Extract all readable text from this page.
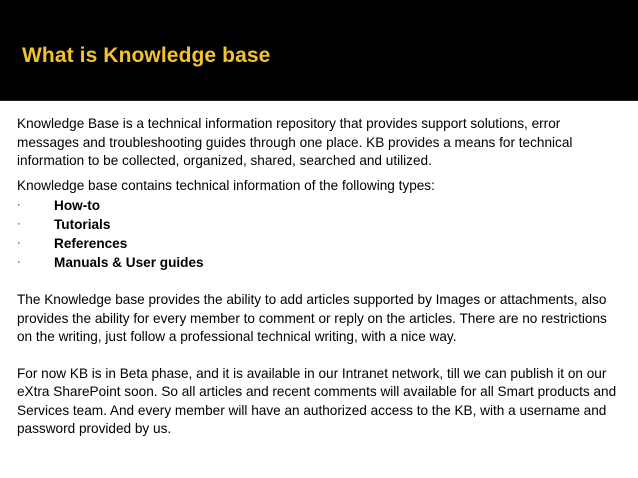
What is Knowledge base

Knowledge Base is a technical information repository that provides support solutions, error messages and troubleshooting guides through one place. KB provides a means for technical information to be collected, organized, shared, searched and utilized.

Knowledge base contains technical information of the following types:

· How-to
· Tutorials
· References
· Manuals & User guides

The Knowledge base provides the ability to add articles supported by Images or attachments, also provides the ability for every member to comment or reply on the articles. There are no restrictions on the writing, just follow a professional technical writing, with a nice way.

For now KB is in Beta phase, and it is available in our Intranet network, till we can publish it on our eXtra SharePoint soon. So all articles and recent comments will available for all Smart products and Services team. And every member will have an authorized access to the KB, with a username and password provided by us.
